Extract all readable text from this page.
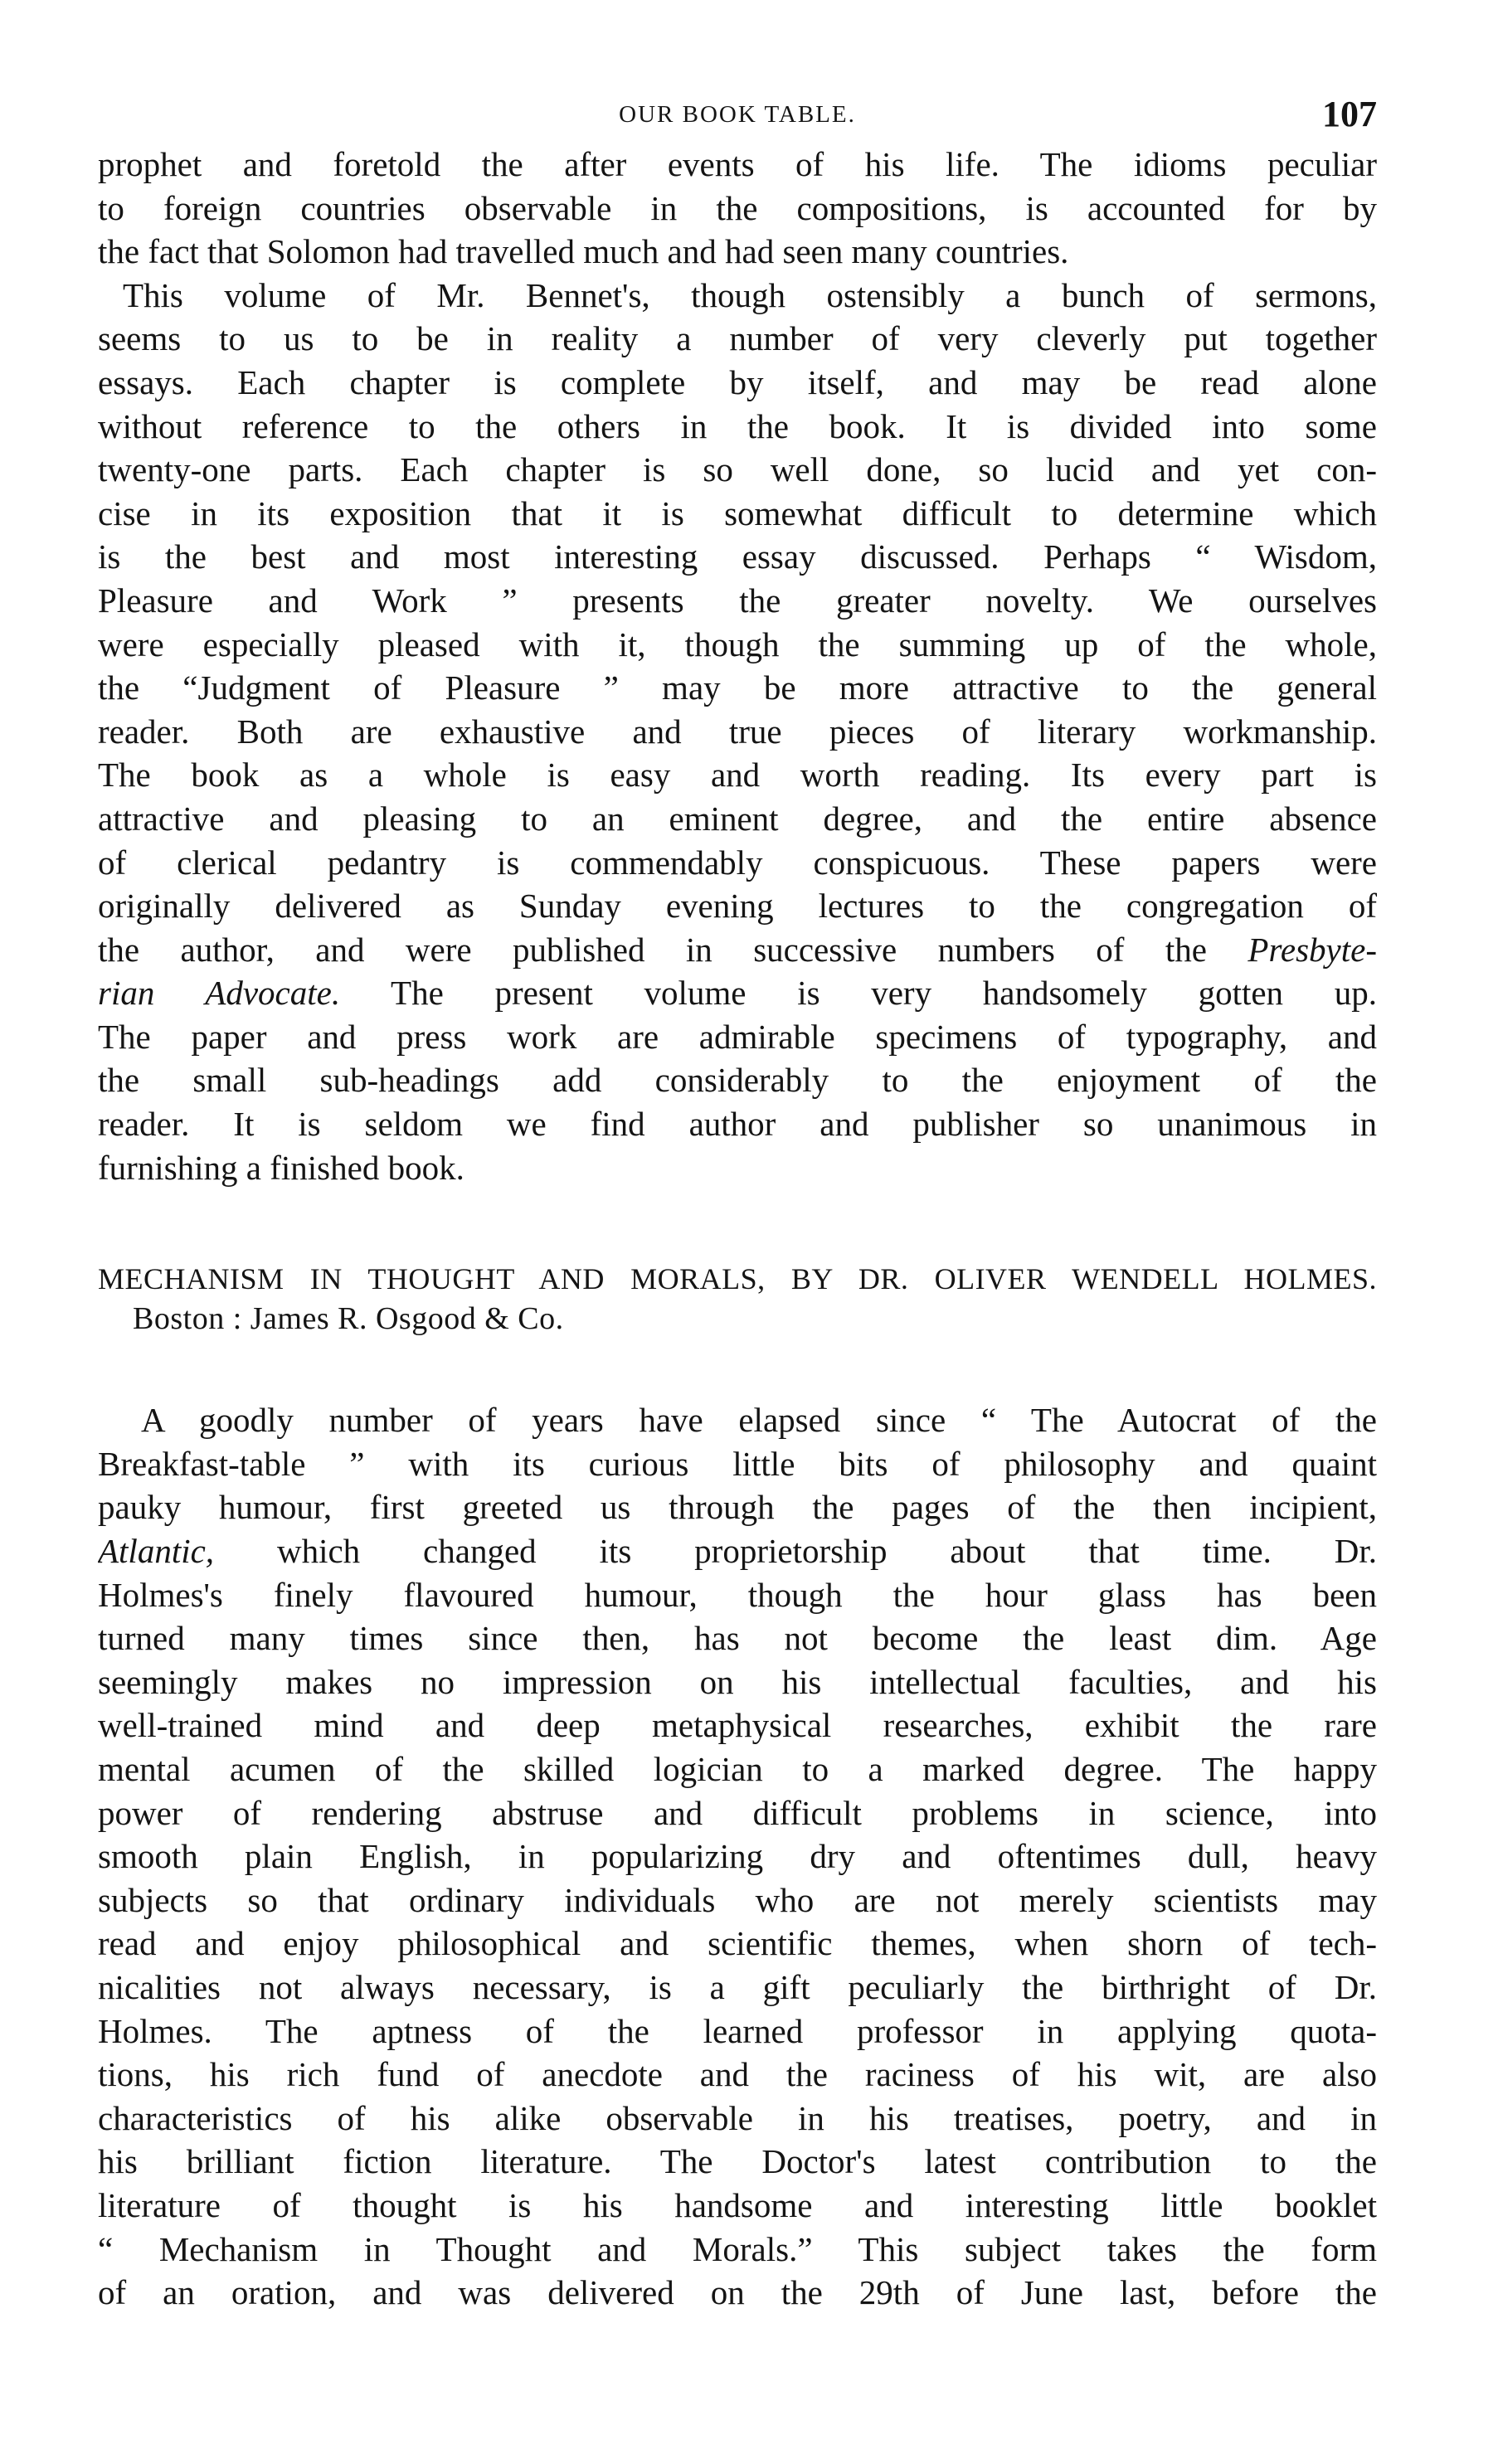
OUR BOOK TABLE.	107
prophet and foretold the after events of his life. The idioms peculiar
to foreign countries observable in the compositions, is accounted for by
the fact that Solomon had travelled much and had seen many countries.
This volume of Mr. Bennet's, though ostensibly a bunch of sermons,
seems to us to be in reality a number of very cleverly put together
essays. Each chapter is complete by itself, and may be read alone
without reference to the others in the book. It is divided into some
twenty-one parts. Each chapter is so well done, so lucid and yet con-
cise in its exposition that it is somewhat difficult to determine which
is the best and most interesting essay discussed. Perhaps “ Wisdom,
Pleasure and Work ” presents the greater novelty. We ourselves
were especially pleased with it, though the summing up of the whole,
the “Judgment of Pleasure ” may be more attractive to the general
reader. Both are exhaustive and true pieces of literary workmanship.
The book as a whole is easy and worth reading. Its every part is
attractive and pleasing to an eminent degree, and the entire absence
of clerical pedantry is commendably conspicuous. These papers were
originally delivered as Sunday evening lectures to the congregation of
the author, and were published in successive numbers of the Presbyte-
rian Advocate. The present volume is very handsomely gotten up.
The paper and press work are admirable specimens of typography, and
the small sub-headings add considerably to the enjoyment of the
reader. It is seldom we find author and publisher so unanimous in
furnishing a finished book.
MECHANISM IN THOUGHT AND MORALS, BY DR. OLIVER WENDELL HOLMES.
Boston : James R. Osgood & Co.
A goodly number of years have elapsed since “ The Autocrat of the
Breakfast-table ” with its curious little bits of philosophy and quaint
pauky humour, first greeted us through the pages of the then incipient,
Atlantic, which changed its proprietorship about that time. Dr.
Holmes's finely flavoured humour, though the hour glass has been
turned many times since then, has not become the least dim. Age
seemingly makes no impression on his intellectual faculties, and his
well-trained mind and deep metaphysical researches, exhibit the rare
mental acumen of the skilled logician to a marked degree. The happy
power of rendering abstruse and difficult problems in science, into
smooth plain English, in popularizing dry and oftentimes dull, heavy
subjects so that ordinary individuals who are not merely scientists may
read and enjoy philosophical and scientific themes, when shorn of tech-
nicalities not always necessary, is a gift peculiarly the birthright of Dr.
Holmes. The aptness of the learned professor in applying quota-
tions, his rich fund of anecdote and the raciness of his wit, are also
characteristics of his alike observable in his treatises, poetry, and in
his brilliant fiction literature. The Doctor's latest contribution to the
literature of thought is his handsome and interesting little booklet
“ Mechanism in Thought and Morals.” This subject takes the form
of an oration, and was delivered on the 29th of June last, before the
